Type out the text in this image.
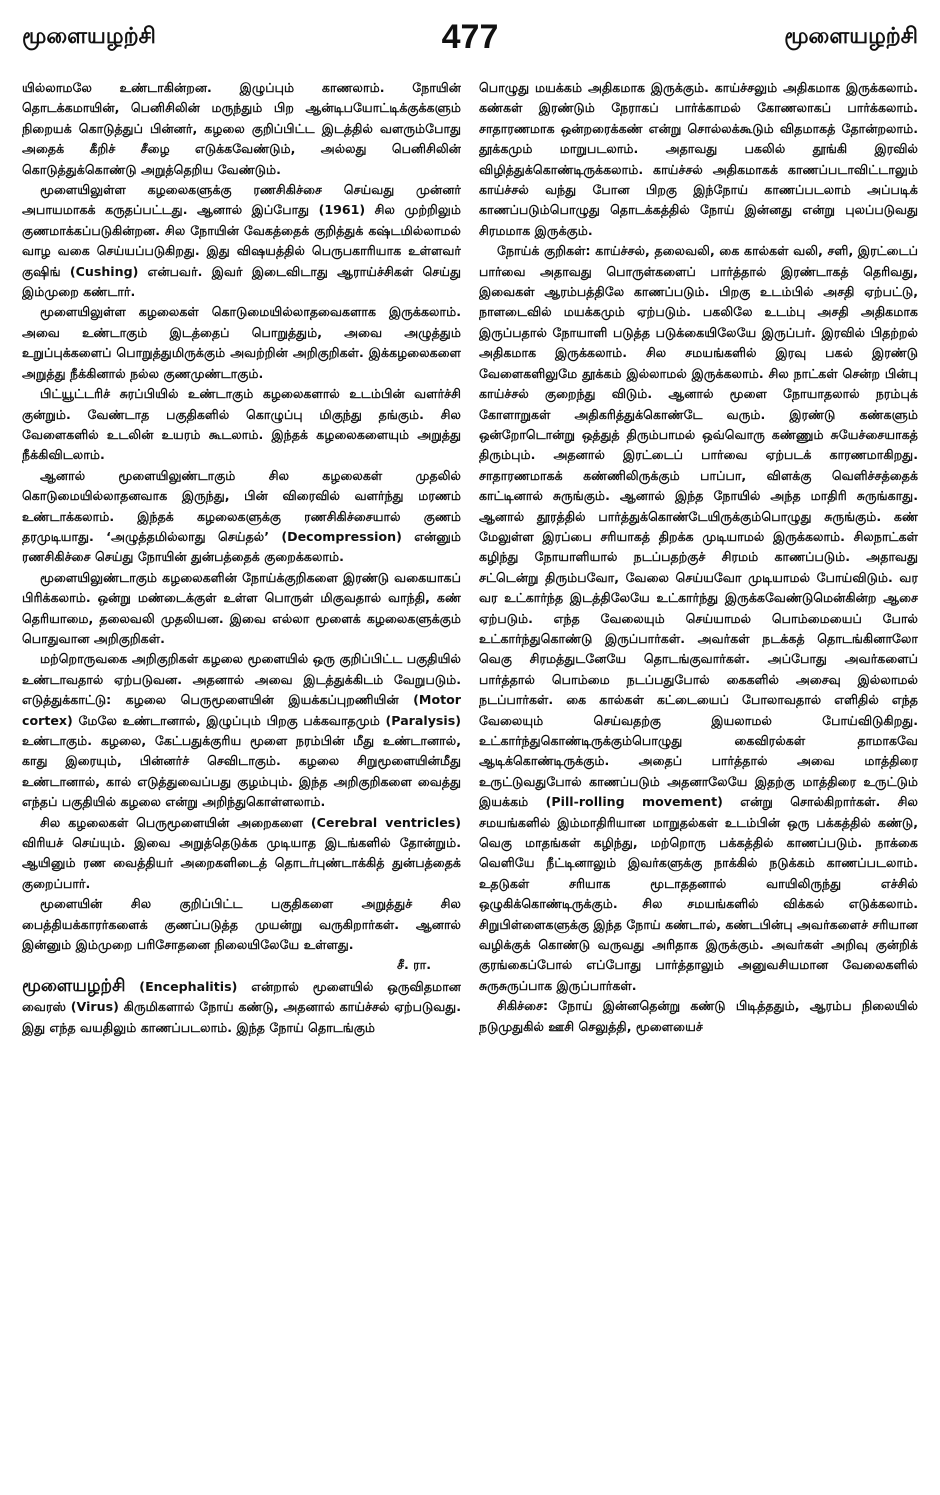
மூளையழற்சி	477	மூளையழற்சி

யில்லாமலே உண்டாகின்றன. இழுப்பும் காணலாம். நோயின் தொடக்கமாயின், பெனிசிலின் மருந்தும் பிற ஆன்டிபயோட்டிக்குக்களும் நிறையக் கொடுத்துப் பின்னர், கழலை குறிப்பிட்ட இடத்தில் வளரும்போது அதைக் கீறிச் சீழை எடுக்கவேண்டும், அல்லது பெனிசிலின் கொடுத்துக்கொண்டு அறுத்தெறிய வேண்டும்.

மூளையிலுள்ள கழலைகளுக்கு ரணசிகிச்சை செய்வது முன்னர் அபாயமாகக் கருதப்பட்டது. ஆனால் இப்போது (1961) சில முற்றிலும் குணமாக்கப்படுகின்றன. சில நோயின் வேகத்தைக் குறித்துக் கஷ்டமில்லாமல் வாழ வகை செய்யப்படுகிறது. இது விஷயத்தில் பெருபகாரியாக உள்ளவர் குஷிங் (Cushing) என்பவர். இவர் இடைவிடாது ஆராய்ச்சிகள் செய்து இம்முறை கண்டார்.

மூளையிலுள்ள கழலைகள் கொடுமையில்லாதவைகளாக இருக்கலாம். அவை உண்டாகும் இடத்தைப் பொறுத்தும், அவை அழுத்தும் உறுப்புக்களைப் பொறுத்துமிருக்கும் அவற்றின் அறிகுறிகள். இக்கழலைகளை அறுத்து நீக்கினால் நல்ல குணமுண்டாகும்.

பிட்யூட்டரிச் சுரப்பியில் உண்டாகும் கழலைகளால் உடம்பின் வளர்ச்சி குன்றும். வேண்டாத பகுதிகளில் கொழுப்பு மிகுந்து தங்கும். சில வேளைகளில் உடலின் உயரம் கூடலாம். இந்தக் கழலைகளையும் அறுத்து நீக்கிவிடலாம்.

ஆனால் மூளையிலுண்டாகும் சில கழலைகள் முதலில் கொடுமையில்லாதனவாக இருந்து, பின் விரைவில் வளர்ந்து மரணம் உண்டாக்கலாம். இந்தக் கழலைகளுக்கு ரணசிகிச்சையால் குணம் தரமுடியாது. ‘அழுத்தமில்லாது செய்தல்’ (Decompression) என்னும் ரணசிகிச்சை செய்து நோயின் துன்பத்தைக் குறைக்கலாம்.

மூளையிலுண்டாகும் கழலைகளின் நோய்க்குறிகளை இரண்டு வகையாகப் பிரிக்கலாம். ஒன்று மண்டைக்குள் உள்ள பொருள் மிகுவதால் வாந்தி, கண் தெரியாமை, தலைவலி முதலியன. இவை எல்லா மூளைக் கழலைகளுக்கும் பொதுவான அறிகுறிகள்.

மற்றொருவகை அறிகுறிகள் கழலை மூளையில் ஒரு குறிப்பிட்ட பகுதியில் உண்டாவதால் ஏற்படுவன. அதனால் அவை இடத்துக்கிடம் வேறுபடும். எடுத்துக்காட்டு: கழலை பெருமூளையின் இயக்கப்புறணியின் (Motor cortex) மேலே உண்டானால், இழுப்பும் பிறகு பக்கவாதமும் (Paralysis) உண்டாகும். கழலை, கேட்பதுக்குரிய மூளை நரம்பின் மீது உண்டானால், காது இரையும், பின்னர்ச் செவிடாகும். கழலை சிறுமூளையின்மீது உண்டானால், கால் எடுத்துவைப்பது குழம்பும். இந்த அறிகுறிகளை வைத்து எந்தப் பகுதியில் கழலை என்று அறிந்துகொள்ளலாம்.

சில கழலைகள் பெருமூளையின் அறைகளை (Cerebral ventricles) விரியச் செய்யும். இவை அறுத்தெடுக்க முடியாத இடங்களில் தோன்றும். ஆயினும் ரண வைத்தியர் அறைகளிடைத் தொடர்புண்டாக்கித் துன்பத்தைக் குறைப்பார்.

மூளையின் சில குறிப்பிட்ட பகுதிகளை அறுத்துச் சில பைத்தியக்காரர்களைக் குணப்படுத்த முயன்று வருகிறார்கள். ஆனால் இன்னும் இம்முறை பரிசோதனை நிலையிலேயே உள்ளது.

சீ. ரா.

மூளையழற்சி (Encephalitis) என்றால் மூளையில் ஒருவிதமான வைரஸ் (Virus) கிருமிகளால் நோய் கண்டு, அதனால் காய்ச்சல் ஏற்படுவது. இது எந்த வயதிலும் காணப்படலாம். இந்த நோய் தொடங்கும்

பொழுது மயக்கம் அதிகமாக இருக்கும். காய்ச்சலும் அதிகமாக இருக்கலாம். கண்கள் இரண்டும் நேராகப் பார்க்காமல் கோணலாகப் பார்க்கலாம். சாதாரணமாக ஒன்றரைக்கண் என்று சொல்லக்கூடும் விதமாகத் தோன்றலாம். தூக்கமும் மாறுபடலாம். அதாவது பகலில் தூங்கி இரவில் விழித்துக்கொண்டிருக்கலாம். காய்ச்சல் அதிகமாகக் காணப்படாவிட்டாலும் காய்ச்சல் வந்து போன பிறகு இந்நோய் காணப்படலாம் அப்படிக் காணப்படும்பொழுது தொடக்கத்தில் நோய் இன்னது என்று புலப்படுவது சிரமமாக இருக்கும்.

நோய்க் குறிகள்: காய்ச்சல், தலைவலி, கை கால்கள் வலி, சளி, இரட்டைப் பார்வை அதாவது பொருள்களைப் பார்த்தால் இரண்டாகத் தெரிவது, இவைகள் ஆரம்பத்திலே காணப்படும். பிறகு உடம்பில் அசதி ஏற்பட்டு, நாளடைவில் மயக்கமும் ஏற்படும். பகலிலே உடம்பு அசதி அதிகமாக இருப்பதால் நோயாளி படுத்த படுக்கையிலேயே இருப்பர். இரவில் பிதற்றல் அதிகமாக இருக்கலாம். சில சமயங்களில் இரவு பகல் இரண்டு வேளைகளிலுமே தூக்கம் இல்லாமல் இருக்கலாம். சில நாட்கள் சென்ற பின்பு காய்ச்சல் குறைந்து விடும். ஆனால் மூளை நோயாதலால் நரம்புக் கோளாறுகள் அதிகரித்துக்கொண்டே வரும். இரண்டு கண்களும் ஒன்றோடொன்று ஒத்துத் திரும்பாமல் ஒவ்வொரு கண்ணும் சுயேச்சையாகத் திரும்பும். அதனால் இரட்டைப் பார்வை ஏற்படக் காரணமாகிறது. சாதாரணமாகக் கண்ணிலிருக்கும் பாப்பா, விளக்கு வெளிச்சத்தைக் காட்டினால் சுருங்கும். ஆனால் இந்த நோயில் அந்த மாதிரி சுருங்காது. ஆனால் தூரத்தில் பார்த்துக்கொண்டேயிருக்கும்பொழுது சுருங்கும். கண் மேலுள்ள இரப்பை சரியாகத் திறக்க முடியாமல் இருக்கலாம். சிலநாட்கள் கழிந்து நோயாளியால் நடப்பதற்குச் சிரமம் காணப்படும். அதாவது சட்டென்று திரும்பவோ, வேலை செய்யவோ முடியாமல் போய்விடும். வர வர உட்கார்ந்த இடத்திலேயே உட்கார்ந்து இருக்கவேண்டுமென்கின்ற ஆசை ஏற்படும். எந்த வேலையும் செய்யாமல் பொம்மையைப் போல் உட்கார்ந்துகொண்டு இருப்பார்கள். அவர்கள் நடக்கத் தொடங்கினாலோ வெகு சிரமத்துடனேயே தொடங்குவார்கள். அப்போது அவர்களைப் பார்த்தால் பொம்மை நடப்பதுபோல் கைகளில் அசைவு இல்லாமல் நடப்பார்கள். கை கால்கள் கட்டையைப் போலாவதால் எளிதில் எந்த வேலையும் செய்வதற்கு இயலாமல் போய்விடுகிறது. உட்கார்ந்துகொண்டிருக்கும்பொழுது கைவிரல்கள் தாமாகவே ஆடிக்கொண்டிருக்கும். அதைப் பார்த்தால் அவை மாத்திரை உருட்டுவதுபோல் காணப்படும் அதனாலேயே இதற்கு மாத்திரை உருட்டும் இயக்கம் (Pill-rolling movement) என்று சொல்கிறார்கள். சில சமயங்களில் இம்மாதிரியான மாறுதல்கள் உடம்பின் ஒரு பக்கத்தில் கண்டு, வெகு மாதங்கள் கழிந்து, மற்றொரு பக்கத்தில் காணப்படும். நாக்கை வெளியே நீட்டினாலும் இவர்களுக்கு நாக்கில் நடுக்கம் காணப்படலாம். உதடுகள் சரியாக மூடாததனால் வாயிலிருந்து எச்சில் ஒழுகிக்கொண்டிருக்கும். சில சமயங்களில் விக்கல் எடுக்கலாம். சிறுபிள்ளைகளுக்கு இந்த நோய் கண்டால், கண்டபின்பு அவர்களைச் சரியான வழிக்குக் கொண்டு வருவது அரிதாக இருக்கும். அவர்கள் அறிவு குன்றிக் குரங்கைப்போல் எப்போது பார்த்தாலும் அனுவசியமான வேலைகளில் சுருசுருப்பாக இருப்பார்கள்.

சிகிச்சை: நோய் இன்னதென்று கண்டு பிடித்ததும், ஆரம்ப நிலையில் நடுமுதுகில் ஊசி செலுத்தி, மூளையைச்
